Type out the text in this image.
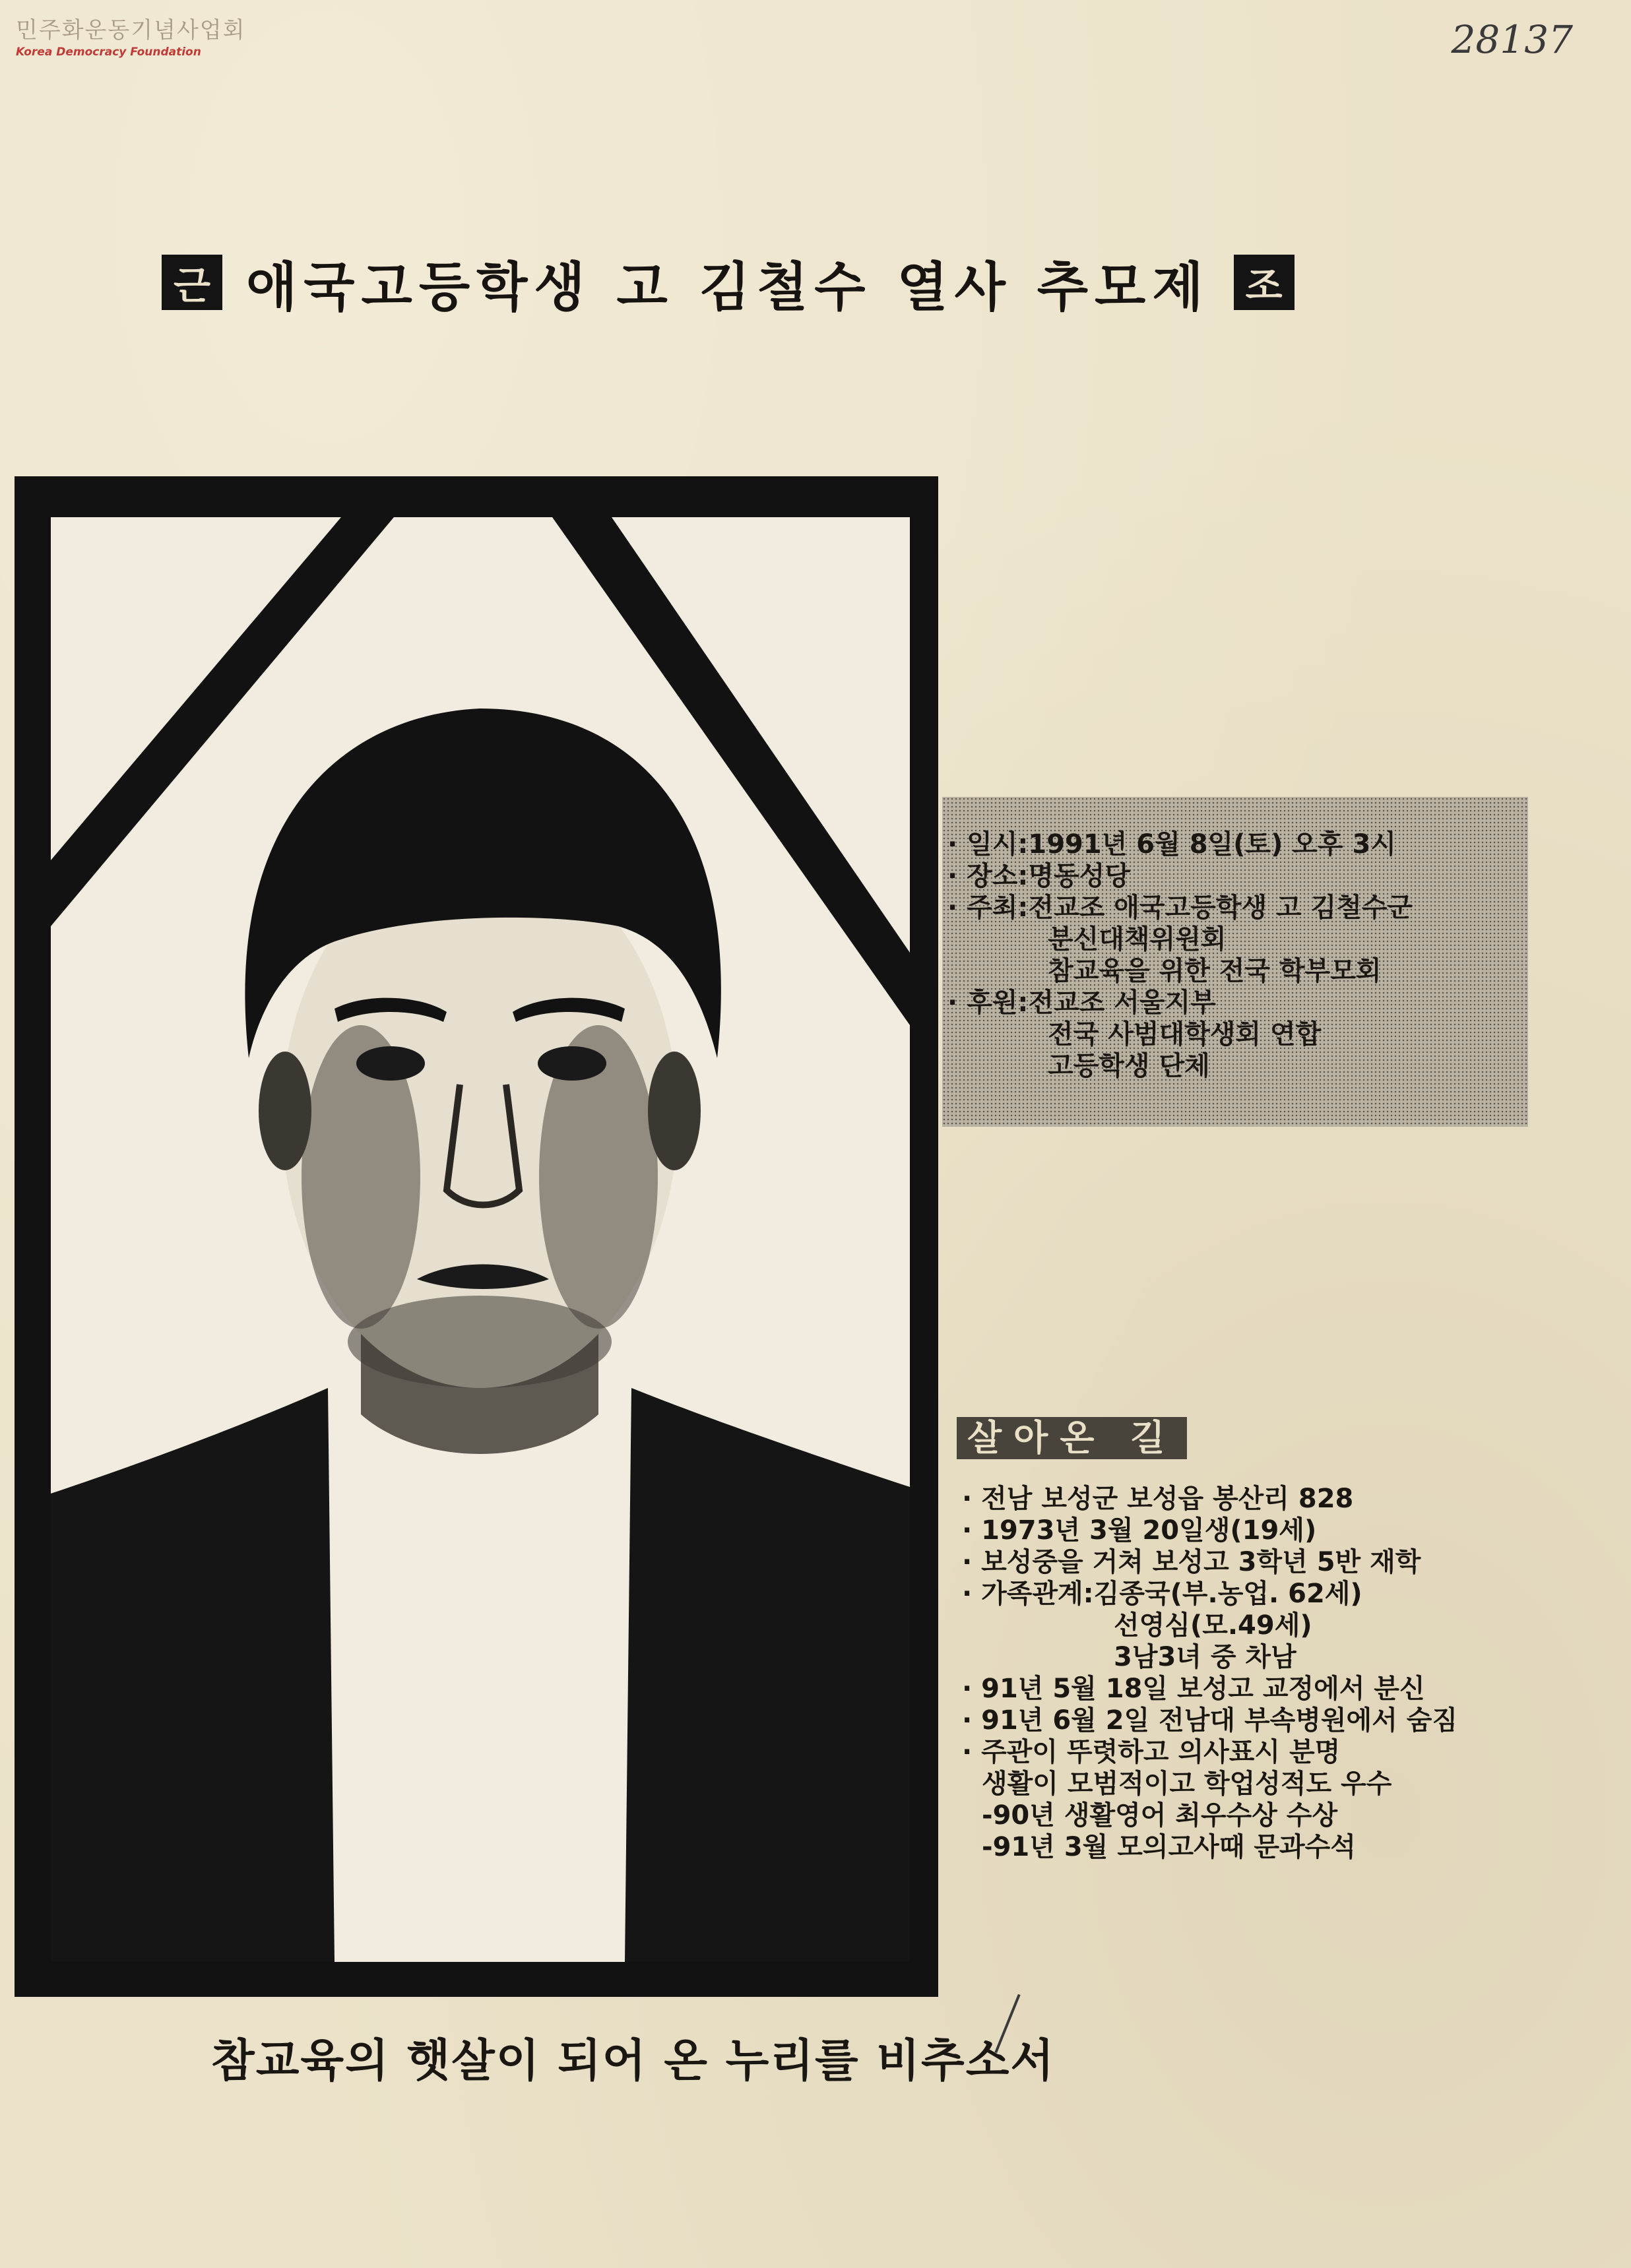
민주화운동기념사업회
Korea Democracy Foundation	28137
근 애국고등학생 고 김철수 열사 추모제 조
· 일시:1991년 6월 8일(토) 오후 3시
· 장소:명동성당
· 주최:전교조 애국고등학생 고 김철수군
분신대책위원회
참교육을 위한 전국 학부모회
· 후원:전교조 서울지부
전국 사범대학생회 연합
고등학생 단체
살아온 길
· 전남 보성군 보성읍 봉산리 828
· 1973년 3월 20일생(19세)
· 보성중을 거쳐 보성고 3학년 5반 재학
· 가족관계:김종국(부.농업. 62세)
선영심(모.49세)
3남3녀 중 차남
· 91년 5월 18일 보성고 교정에서 분신
· 91년 6월 2일 전남대 부속병원에서 숨짐
· 주관이 뚜렷하고 의사표시 분명
생활이 모범적이고 학업성적도 우수
-90년 생활영어 최우수상 수상
-91년 3월 모의고사때 문과수석
참교육의 햇살이 되어 온 누리를 비추소서
